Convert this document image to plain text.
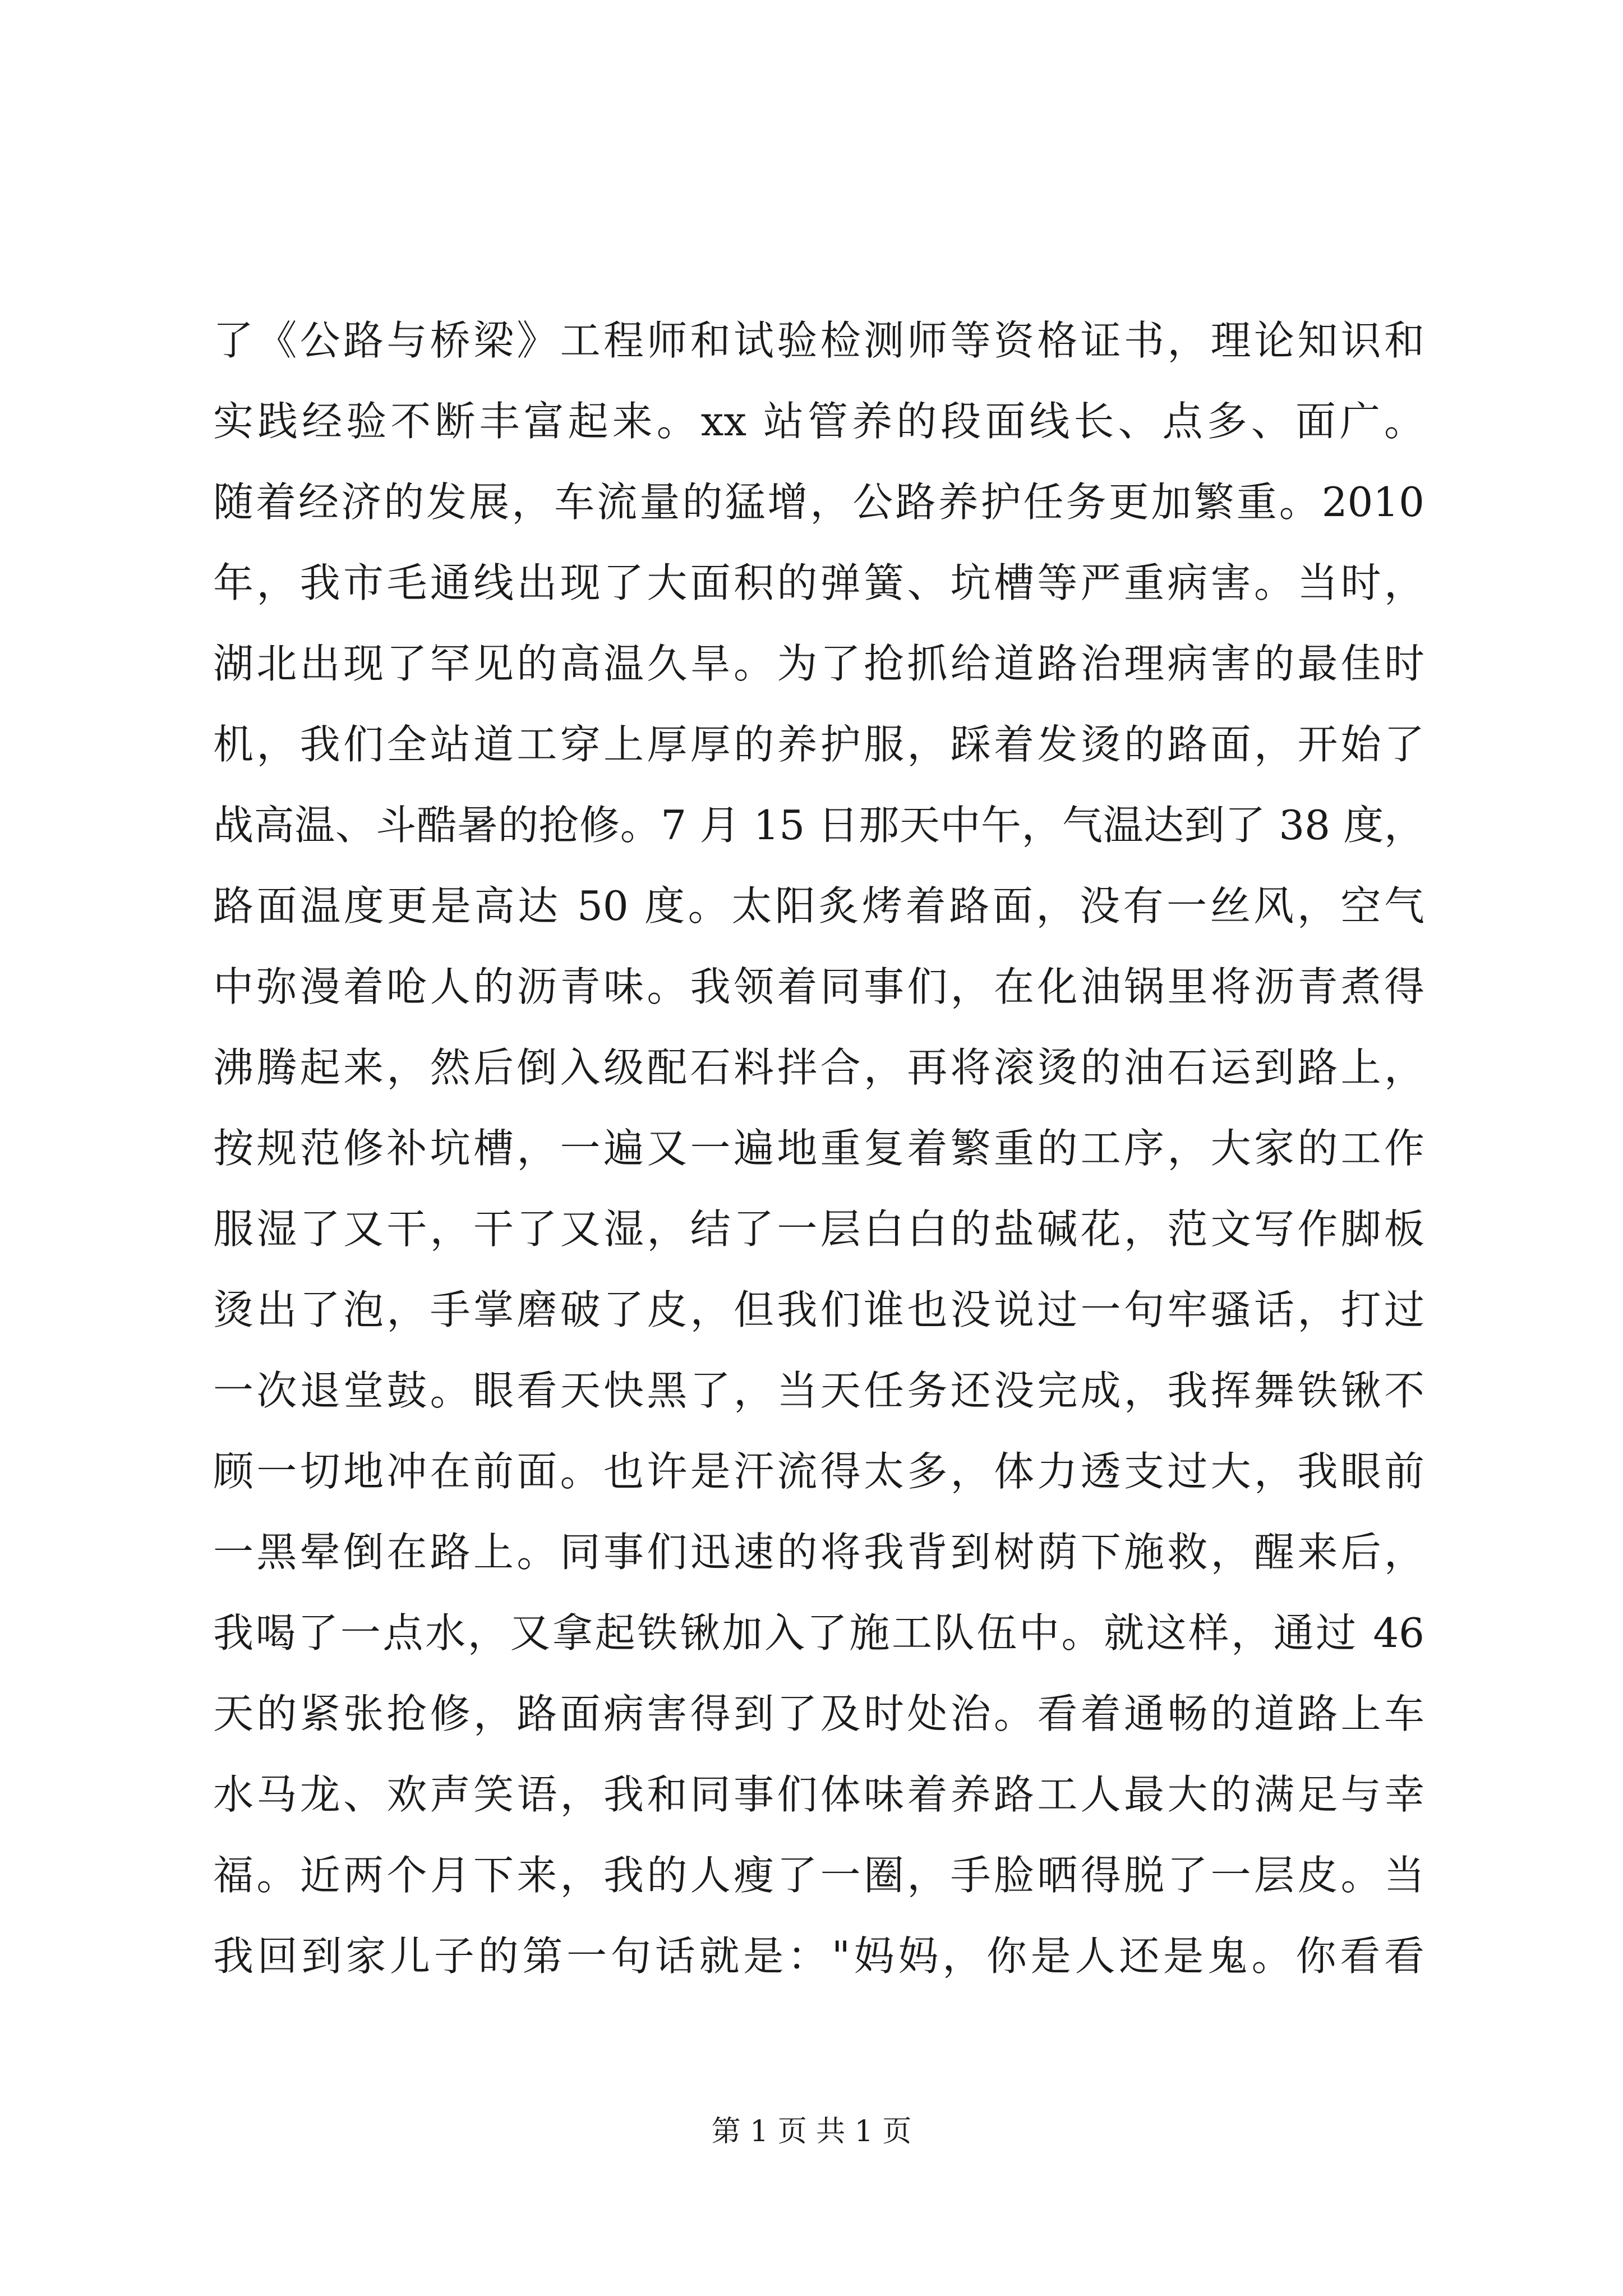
了《公路与桥梁》工程师和试验检测师等资格证书，理论知识和
实践经验不断丰富起来。xx 站管养的段面线长、点多、面广。
随着经济的发展，车流量的猛增，公路养护任务更加繁重。2010
年，我市毛通线出现了大面积的弹簧、坑槽等严重病害。当时，
湖北出现了罕见的高温久旱。为了抢抓给道路治理病害的最佳时
机，我们全站道工穿上厚厚的养护服，踩着发烫的路面，开始了
战高温、斗酷暑的抢修。7 月 15 日那天中午，气温达到了 38 度，
路面温度更是高达 50 度。太阳炙烤着路面，没有一丝风，空气
中弥漫着呛人的沥青味。我领着同事们，在化油锅里将沥青煮得
沸腾起来，然后倒入级配石料拌合，再将滚烫的油石运到路上，
按规范修补坑槽，一遍又一遍地重复着繁重的工序，大家的工作
服湿了又干，干了又湿，结了一层白白的盐碱花，范文写作脚板
烫出了泡，手掌磨破了皮，但我们谁也没说过一句牢骚话，打过
一次退堂鼓。眼看天快黑了，当天任务还没完成，我挥舞铁锹不
顾一切地冲在前面。也许是汗流得太多，体力透支过大，我眼前
一黑晕倒在路上。同事们迅速的将我背到树荫下施救，醒来后，
我喝了一点水，又拿起铁锹加入了施工队伍中。就这样，通过 46
天的紧张抢修，路面病害得到了及时处治。看着通畅的道路上车
水马龙、欢声笑语，我和同事们体味着养路工人最大的满足与幸
福。近两个月下来，我的人瘦了一圈，手脸晒得脱了一层皮。当
我回到家儿子的第一句话就是："妈妈，你是人还是鬼。你看看
第 1 页 共 1 页
